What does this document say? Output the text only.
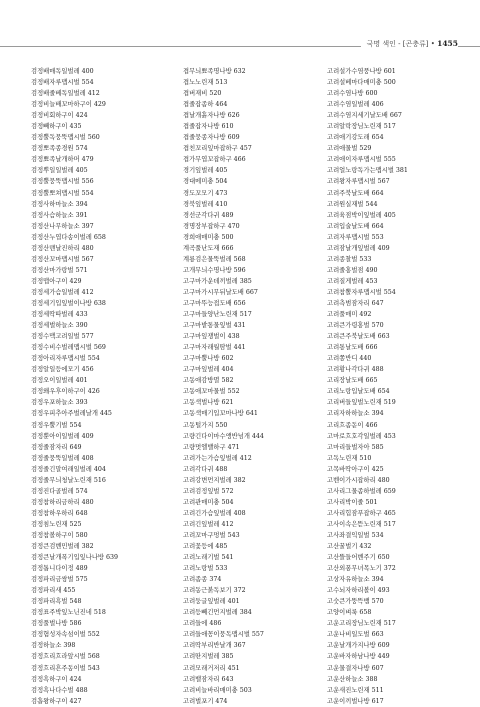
국명 색인 - [곤충류] • 1455
검정배매독일벌레 400
검정배자루맵시벌 554
검정배줄베독일벌레 412
검정비늘배꼬마하구이 429
검정비회하구이 424
검정빼하구이 435
검정뿔독뭉뚝맵시벌 560
검정뽀족종경원 574
검정뾰족날개하머 479
검정뿌일일벌레 405
검정뿔뭉뚝맵시벌 556
검정뿔뽀쳐맵시벌 554
검정사하마늘소 394
검정사슴하늘소 391
검정산나무하늘소 397
검정산누엽다송이벌레 658
검정산맨날진하리 480
검정산꼬마맵시벌 567
검정산마가랑벌 571
검정맵아구이 429
검정세가슴일벌레 412
검정세기입잎벌이나방 638
검정세딱따벌레 433
검정세벌하늘소 390
검정수맥고려일벌 577
검정수비수벌레맵시벌 569
검정아리자루맵시벌 554
검정알일등에모기 456
검정오이일벌레 401
검정왜우후이하구이 426
검정우포하늘소 393
검정우피추아주벌레날개 445
검정우뿔기벌 554
검정뿐아이일벌레 409
검정줄잠자리 649
검정줄뭉뚝일벌레 408
검정줄긴말여래일벌레 404
검정줄무늬청날노린재 516
검정진다골벌레 574
검정참하리금하리 480
검정참하우하리 648
검정침노린재 525
검정참볼하구이 580
검정큰검벤민벌레 382
검정큰날개폭기입잎나나방 639
검정톱니다이정 489
검정파리금쌍벌 575
검정파리새 455
검정파리흑벌 548
검정표주박잎노닌진네 518
검정풀벌나방 586
검정혐성자속섬이벌 552
검정하늘소 398
검정흐리흐라앞시벌 568
검정흐리흔주동이벌 543
검정흑하구이 424
검정흑나다수벌 488
검흡왕하구이 427
겹무늬뾰족명나방 632
겹노노린재 513
겹버재비 520
겹줄잡좀하 464
겹날개흙자나방 626
겹줄잡자나방 610
겹줄뭉종자나방 609
겹친꼬리잎마잡하구 457
겹가무엽꼬잡하구 466
경기잎벌레 405
경대메미충 504
경도꼬모기 473
경북잎벌레 410
경선군각다귀 489
경명장부잡하구 470
경희애매미충 500
계곡풀난도재 666
계룡검은물뚝벌레 568
고개무늬수명나방 596
고구마가운데끼벌레 385
고구마가시무뒤날도배 667
고구마뚜능접도배 656
고구마들양난노린재 517
고구마밭통물잎벌 431
고구마잎쟁벌이 438
고구마자래월땀벌 441
고구마뿔나방 602
고구마잎벌레 404
고동애감방멸 582
고동애꼬마물벌 552
고동색벌나방 621
고동색매기입꼬마나방 641
고동털가지 550
고량긴다이마수앵반넘개 444
고량멋엘밸하구 471
고려가는가슴잎벌레 412
고려각다귀 488
고려강변먼지벌레 382
고려검정잎벌 572
고려관매미충 504
고려긴가슴잎벌레 408
고려긴잎벌레 412
고려꼬마구멍벌 543
고려꽃등에 485
고려노래기벌 541
고려노랑벌 533
고려좀종 374
고려동근붉독보기 372
고려둥글잎벌레 401
고려등빼긴먼지벌레 384
고려들에 486
고려들애꽁이뭉독맵시벌 557
고려딱부리반날개 367
고려딴지벌레 385
고려모래거저리 451
고려밸잠자리 643
고려비늘바리매미충 503
고려벌포기 474
고려설가수염풍나방 601
고려설베마다매미충 500
고려수염나방 600
고려수염일벌레 406
고려수염지세기날도배 667
고려알락장님노린재 517
고려애기강도래 654
고려애물벌 529
고려애이자루맵시벌 555
고려얼노랑독가는맵시벌 381
고려왕자루맵시벌 567
고려주북날도배 664
고려원실재벌 544
고려육점박이잎벌레 405
고려입술날도배 664
고려자루맵시벌 553
고려잠날개잎벌레 409
고려종찰벌 533
고려줄홍벌점 490
고려질게벌레 453
고려참뽈자루맵시벌 554
고려측범잠자리 647
고려풀매미 492
고려큰가령홍벌 570
고려큰주북날도배 663
고려통날도배 666
고려쫑반디 440
고려황나각다귀 488
고리장날도배 665
고리노랑입날도배 654
고리버들잎벌노린재 519
고리자하하늘소 394
고리흐좀돋이 466
고마로흐호각일벌레 453
고마리들벌자아 585
고독노린재 510
고목바딱아구이 425
고벤이가시잡하리 480
고사리그물좀하벌레 659
고사리박이줄 501
고사리힙잠푸잡하구 465
고사이속은뜯노린재 517
고사좌결익일벌 534
고산꿀벌기 432
고산뜰들어벤주기 650
고산외퐁무녀목노기 372
고상자유하늘소 394
고수뇌자하리볼이 493
고숫큰가뚱뜩뱀 570
고양이벼룩 658
고운고리장님노린재 517
고운나비일도벌 663
고운날개가지나방 609
고운바자하남나방 449
고운물결자나방 607
고운산하늘소 388
고운새진노린재 511
고운이끼벌나방 617
